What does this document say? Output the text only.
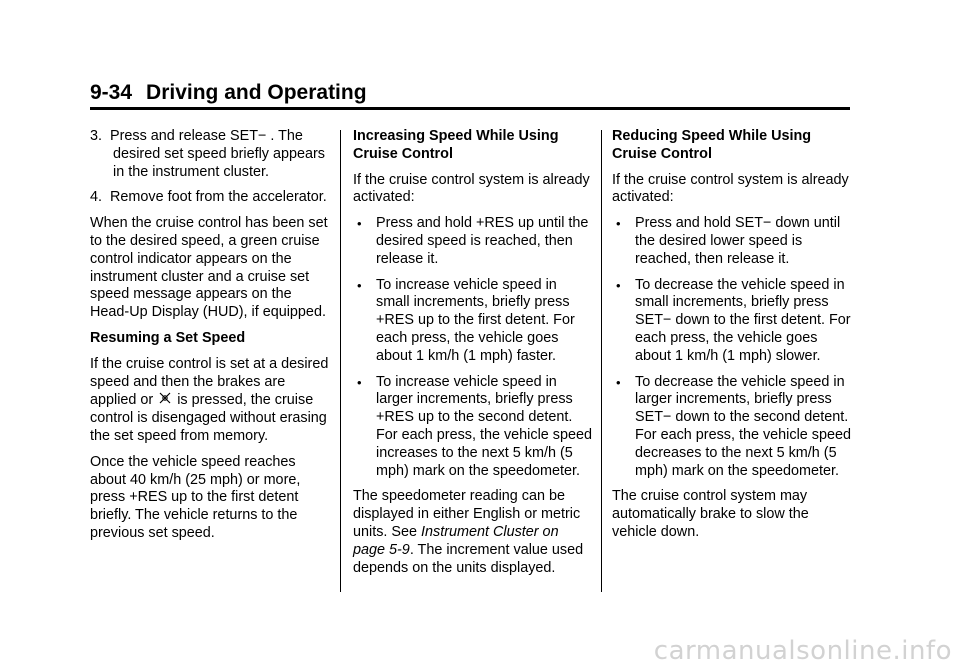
9-34 Driving and Operating
3. Press and release SET− . The desired set speed briefly appears in the instrument cluster.
4. Remove foot from the accelerator.

When the cruise control has been set to the desired speed, a green cruise control indicator appears on the instrument cluster and a cruise set speed message appears on the Head-Up Display (HUD), if equipped.

Resuming a Set Speed

If the cruise control is set at a desired speed and then the brakes are applied or is pressed, the cruise control is disengaged without erasing the set speed from memory.

Once the vehicle speed reaches about 40 km/h (25 mph) or more, press +RES up to the first detent briefly. The vehicle returns to the previous set speed.

Increasing Speed While Using Cruise Control

If the cruise control system is already activated:

• Press and hold +RES up until the desired speed is reached, then release it.
• To increase vehicle speed in small increments, briefly press +RES up to the first detent. For each press, the vehicle goes about 1 km/h (1 mph) faster.
• To increase vehicle speed in larger increments, briefly press +RES up to the second detent. For each press, the vehicle speed increases to the next 5 km/h (5 mph) mark on the speedometer.

The speedometer reading can be displayed in either English or metric units. See Instrument Cluster on page 5-9. The increment value used depends on the units displayed.

Reducing Speed While Using Cruise Control

If the cruise control system is already activated:

• Press and hold SET− down until the desired lower speed is reached, then release it.
• To decrease the vehicle speed in small increments, briefly press SET− down to the first detent. For each press, the vehicle goes about 1 km/h (1 mph) slower.
• To decrease the vehicle speed in larger increments, briefly press SET− down to the second detent. For each press, the vehicle speed decreases to the next 5 km/h (5 mph) mark on the speedometer.

The cruise control system may automatically brake to slow the vehicle down.

carmanualsonline.info
